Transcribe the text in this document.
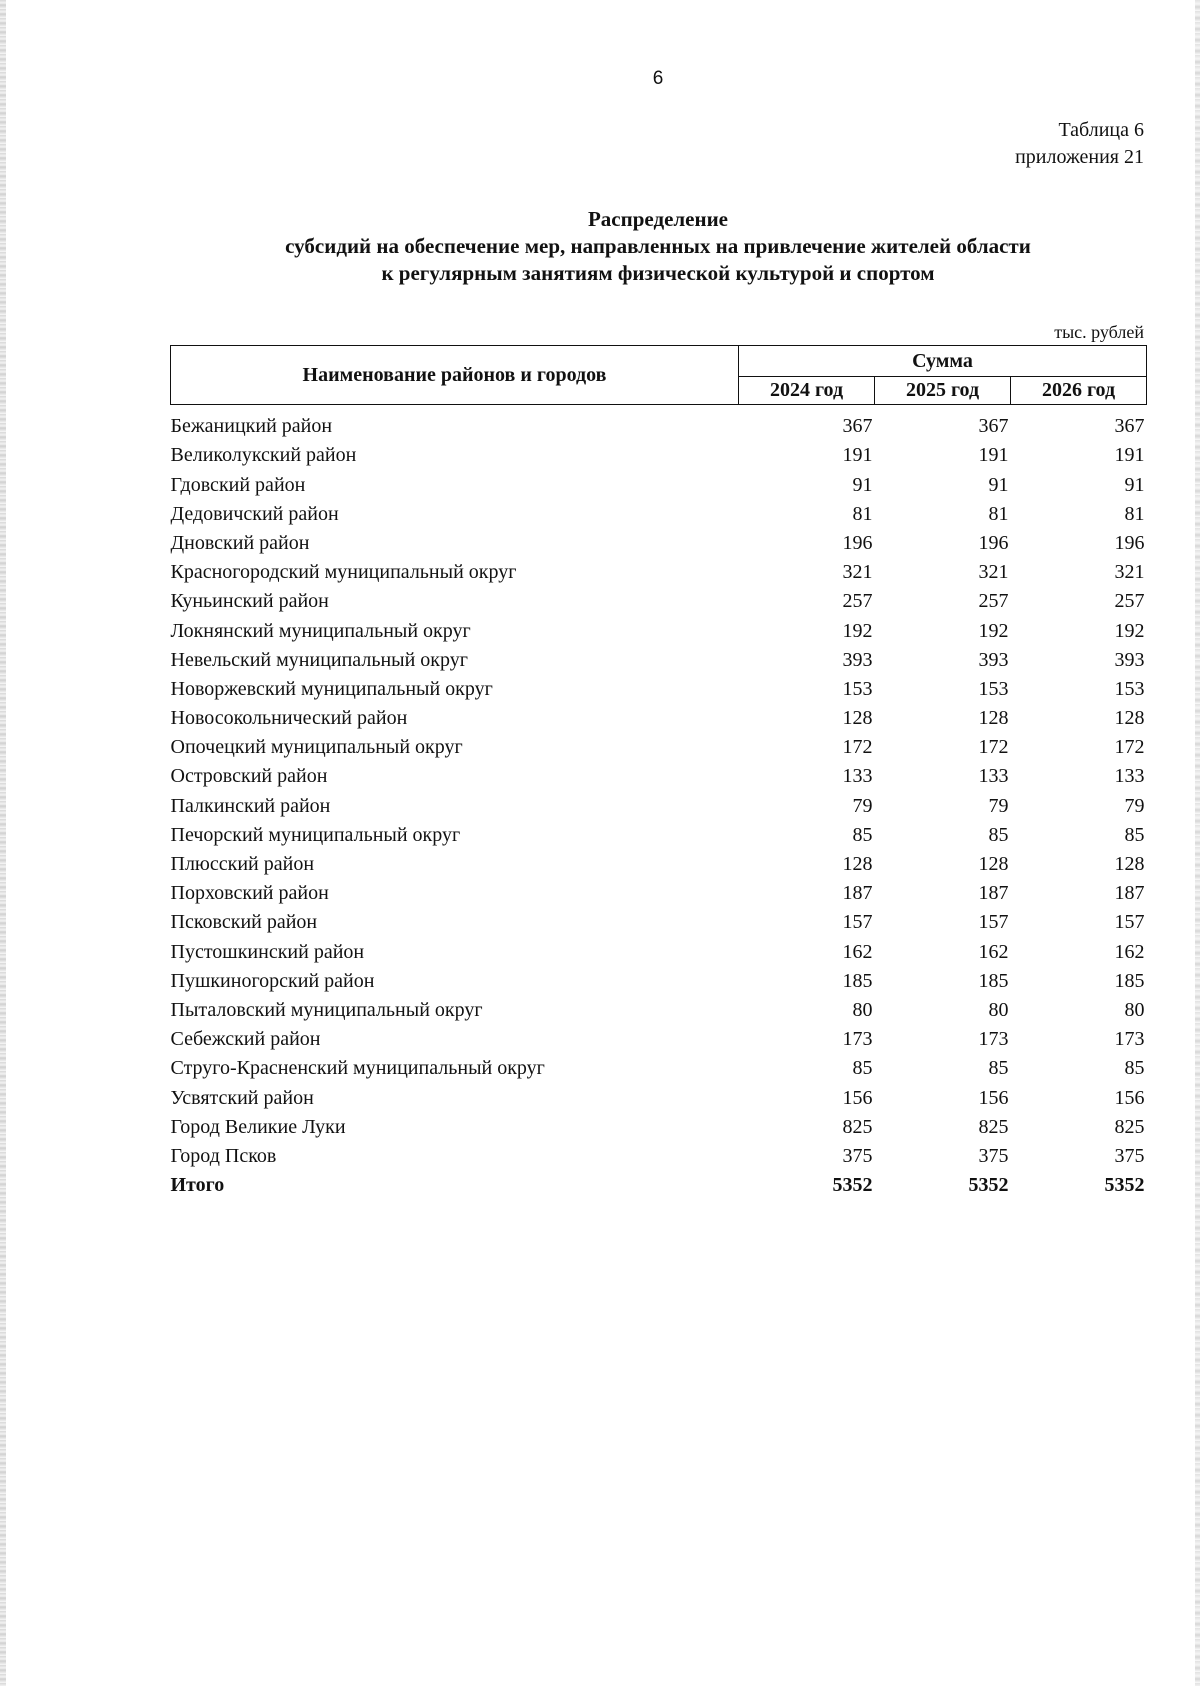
6
Таблица 6
приложения 21
Распределение
субсидий на обеспечение мер, направленных на привлечение жителей области
к регулярным занятиям физической культурой и спортом
тыс. рублей
Наименование районов и городов	Сумма		
	2024 год	2025 год	2026 год
Бежаницкий район	367	367	367
Великолукский район	191	191	191
Гдовский район	91	91	91
Дедовичский район	81	81	81
Дновский район	196	196	196
Красногородский муниципальный округ	321	321	321
Куньинский район	257	257	257
Локнянский муниципальный округ	192	192	192
Невельский муниципальный округ	393	393	393
Новоржевский муниципальный округ	153	153	153
Новосокольнический район	128	128	128
Опочецкий муниципальный округ	172	172	172
Островский район	133	133	133
Палкинский район	79	79	79
Печорский муниципальный округ	85	85	85
Плюсский район	128	128	128
Порховский район	187	187	187
Псковский район	157	157	157
Пустошкинский район	162	162	162
Пушкиногорский район	185	185	185
Пыталовский муниципальный округ	80	80	80
Себежский район	173	173	173
Струго-Красненский муниципальный округ	85	85	85
Усвятский район	156	156	156
Город Великие Луки	825	825	825
Город Псков	375	375	375
Итого	5352	5352	5352
